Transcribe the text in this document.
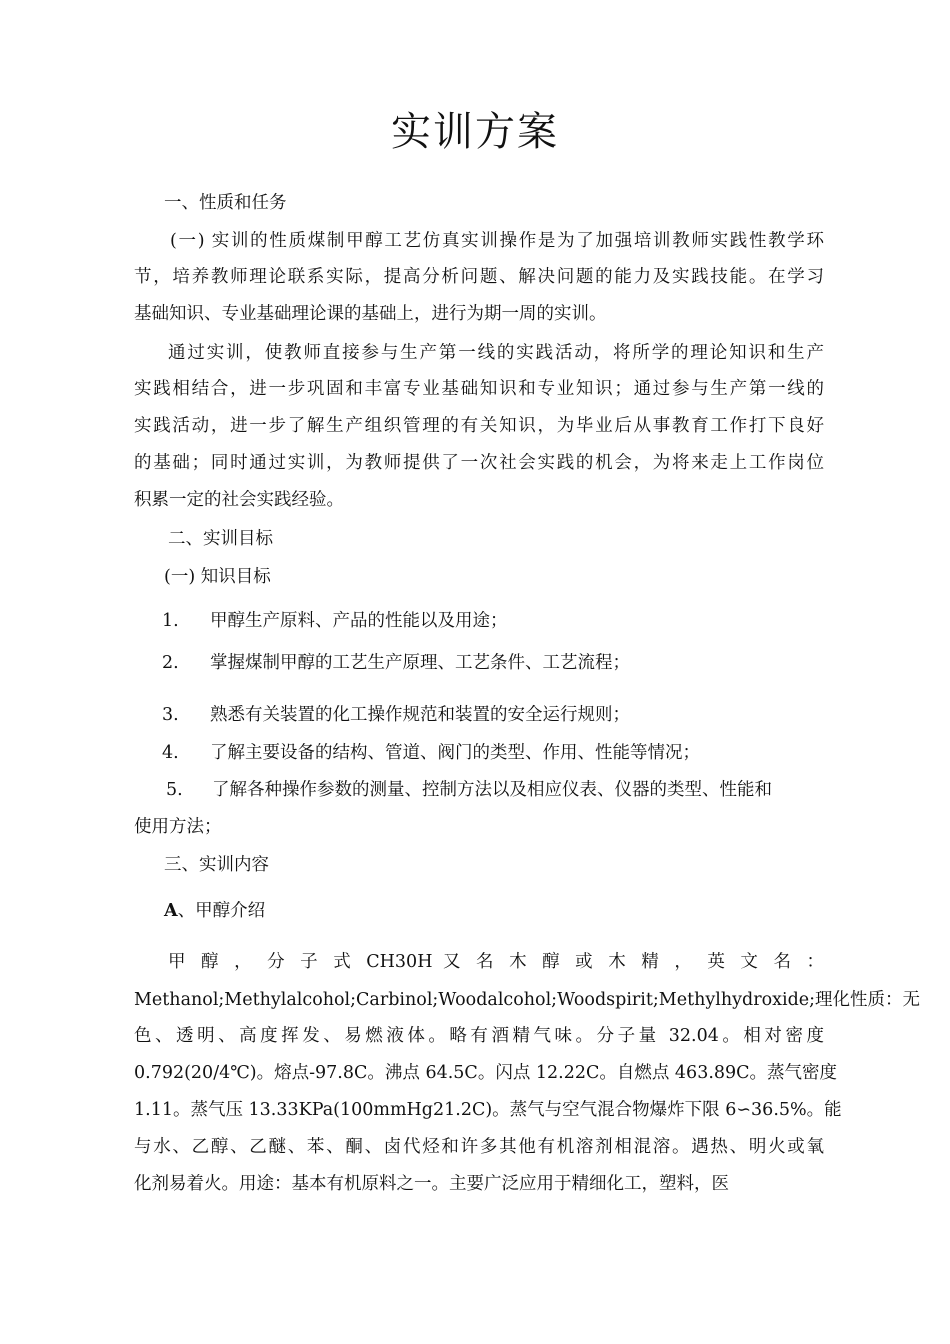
实训方案

一、性质和任务

(一) 实训的性质煤制甲醇工艺仿真实训操作是为了加强培训教师实践性教学环

节，培养教师理论联系实际，提高分析问题、解决问题的能力及实践技能。在学习

基础知识、专业基础理论课的基础上，进行为期一周的实训。

通过实训，使教师直接参与生产第一线的实践活动，将所学的理论知识和生产

实践相结合，进一步巩固和丰富专业基础知识和专业知识；通过参与生产第一线的

实践活动，进一步了解生产组织管理的有关知识，为毕业后从事教育工作打下良好

的基础；同时通过实训，为教师提供了一次社会实践的机会，为将来走上工作岗位

积累一定的社会实践经验。

二、实训目标

(一) 知识目标

1. 甲醇生产原料、产品的性能以及用途；
2. 掌握煤制甲醇的工艺生产原理、工艺条件、工艺流程；
3. 熟悉有关装置的化工操作规范和装置的安全运行规则；
4. 了解主要设备的结构、管道、阀门的类型、作用、性能等情况；
5. 了解各种操作参数的测量、控制方法以及相应仪表、仪器的类型、性能和

使用方法；

三、实训内容

A、甲醇介绍

甲 醇 ， 分 子 式 CH30H 又 名 木 醇 或 木 精 ， 英 文 名 ：

Methanol;Methylalcohol;Carbinol;Woodalcohol;Woodspirit;Methylhydroxide;理化性质：无

色、透明、高度挥发、易燃液体。略有酒精气味。分子量 32.04。相对密度

0.792(20/4℃)。熔点-97.8C。沸点 64.5C。闪点 12.22C。自燃点 463.89C。蒸气密度

1.11。蒸气压 13.33KPa(100mmHg21.2C)。蒸气与空气混合物爆炸下限 6∽36.5%。能

与水、乙醇、乙醚、苯、酮、卤代烃和许多其他有机溶剂相混溶。遇热、明火或氧

化剂易着火。用途：基本有机原料之一。主要广泛应用于精细化工，塑料，医
